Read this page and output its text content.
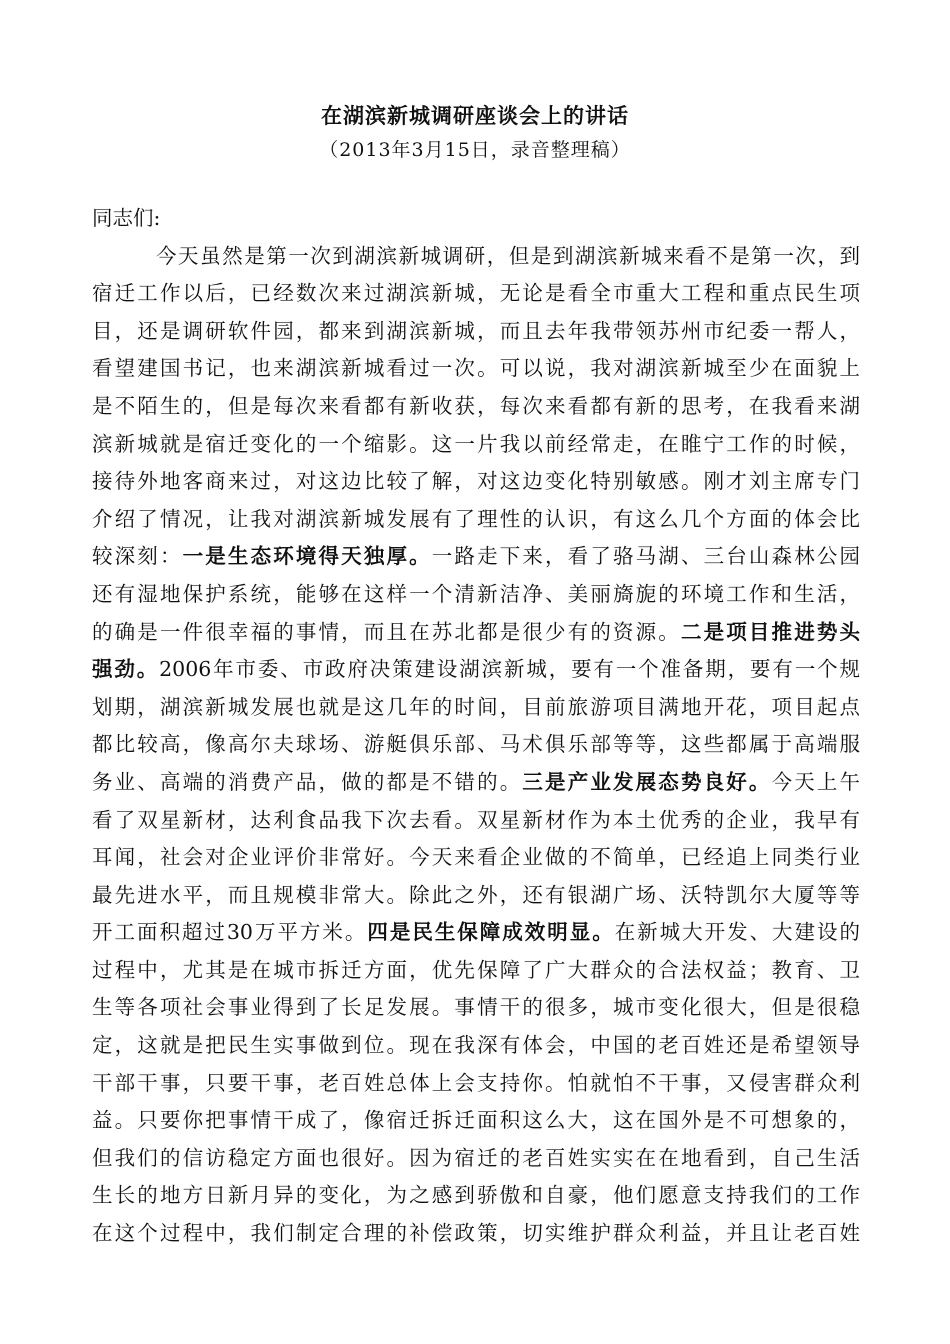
在湖滨新城调研座谈会上的讲话
（2013年3月15日，录音整理稿）
同志们:
今天虽然是第一次到湖滨新城调研，但是到湖滨新城来看不是第一次，到
宿迁工作以后，已经数次来过湖滨新城，无论是看全市重大工程和重点民生项
目，还是调研软件园，都来到湖滨新城，而且去年我带领苏州市纪委一帮人，
看望建国书记，也来湖滨新城看过一次。可以说，我对湖滨新城至少在面貌上
是不陌生的，但是每次来看都有新收获，每次来看都有新的思考，在我看来湖
滨新城就是宿迁变化的一个缩影。这一片我以前经常走，在睢宁工作的时候，
接待外地客商来过，对这边比较了解，对这边变化特别敏感。刚才刘主席专门
介绍了情况，让我对湖滨新城发展有了理性的认识，有这么几个方面的体会比
较深刻：一是生态环境得天独厚。一路走下来，看了骆马湖、三台山森林公园
还有湿地保护系统，能够在这样一个清新洁净、美丽旖旎的环境工作和生活，
的确是一件很幸福的事情，而且在苏北都是很少有的资源。二是项目推进势头
强劲。2006年市委、市政府决策建设湖滨新城，要有一个准备期，要有一个规
划期，湖滨新城发展也就是这几年的时间，目前旅游项目满地开花，项目起点
都比较高，像高尔夫球场、游艇俱乐部、马术俱乐部等等，这些都属于高端服
务业、高端的消费产品，做的都是不错的。三是产业发展态势良好。今天上午
看了双星新材，达利食品我下次去看。双星新材作为本土优秀的企业，我早有
耳闻，社会对企业评价非常好。今天来看企业做的不简单，已经追上同类行业
最先进水平，而且规模非常大。除此之外，还有银湖广场、沃特凯尔大厦等等
开工面积超过30万平方米。四是民生保障成效明显。在新城大开发、大建设的
过程中，尤其是在城市拆迁方面，优先保障了广大群众的合法权益；教育、卫
生等各项社会事业得到了长足发展。事情干的很多，城市变化很大，但是很稳
定，这就是把民生实事做到位。现在我深有体会，中国的老百姓还是希望领导
干部干事，只要干事，老百姓总体上会支持你。怕就怕不干事，又侵害群众利
益。只要你把事情干成了，像宿迁拆迁面积这么大，这在国外是不可想象的，
但我们的信访稳定方面也很好。因为宿迁的老百姓实实在在地看到，自己生活
生长的地方日新月异的变化，为之感到骄傲和自豪，他们愿意支持我们的工作
在这个过程中，我们制定合理的补偿政策，切实维护群众利益，并且让老百姓
